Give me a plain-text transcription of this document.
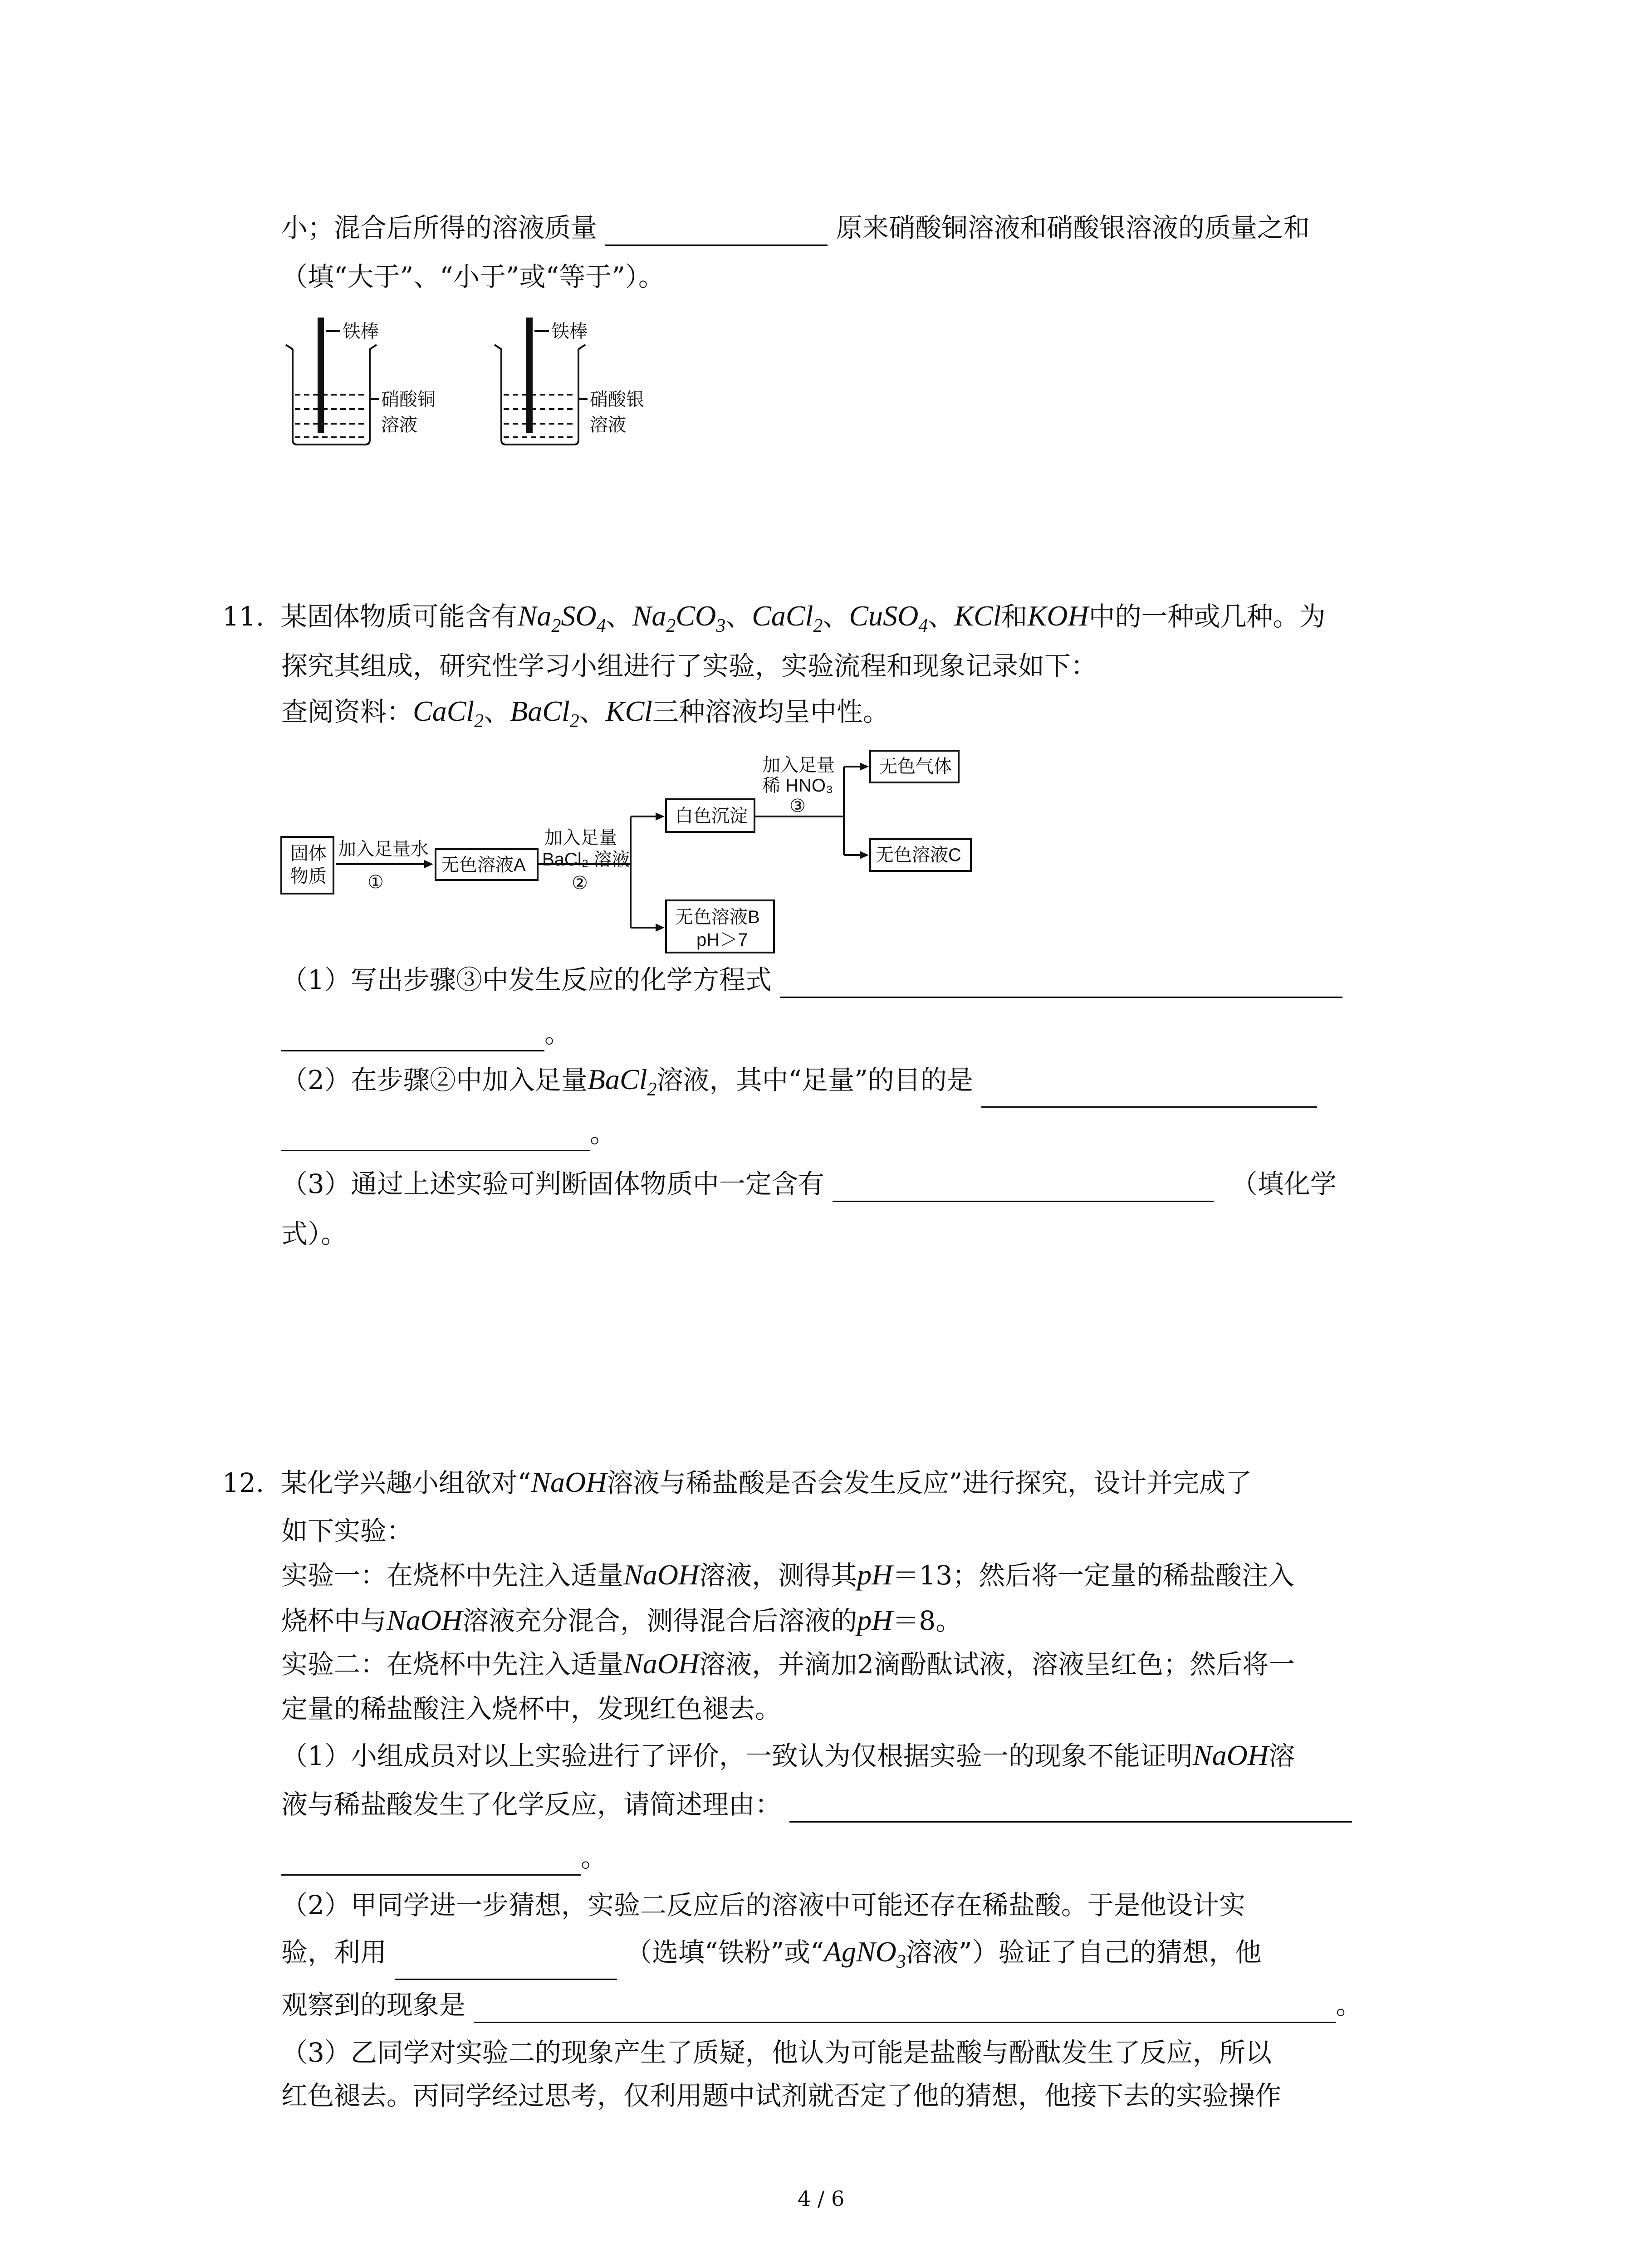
小；混合后所得的溶液质量	原来硝酸铜溶液和硝酸银溶液的质量之和
（填“大于”、“小于”或“等于”）。
铁棒
硝酸铜
溶液
铁棒
硝酸银
溶液
11. 某固体物质可能含有$Na_2SO_4$、$Na_2CO_3$、CaCl$_2$、CuSO$_4$、KCl和KOH中的一种或几种。为
探究其组成，研究性学习小组进行了实验，实验流程和现象记录如下：
查阅资料：CaCl$_2$、BaCl$_2$、KCl三种溶液均呈中性。
固体
物质
加入足量水
①
无色溶液A
加入足量
BaCl₂ 溶液
②
白色沉淀
无色溶液B
pH＞7
加入足量
稀 HNO₃
③
无色气体
无色溶液C
（1）写出步骤③中发生反应的化学方程式
。
（2）在步骤②中加入足量BaCl$_2$溶液，其中“足量”的目的是
。
（3）通过上述实验可判断固体物质中一定含有	（填化学
式）。
12. 某化学兴趣小组欲对“NaOH溶液与稀盐酸是否会发生反应”进行探究，设计并完成了
如下实验：
实验一：在烧杯中先注入适量NaOH溶液，测得其pH＝13；然后将一定量的稀盐酸注入
烧杯中与NaOH溶液充分混合，测得混合后溶液的pH＝8。
实验二：在烧杯中先注入适量NaOH溶液，并滴加2滴酚酞试液，溶液呈红色；然后将一
定量的稀盐酸注入烧杯中，发现红色褪去。
（1）小组成员对以上实验进行了评价，一致认为仅根据实验一的现象不能证明NaOH溶
液与稀盐酸发生了化学反应，请简述理由：
。
（2）甲同学进一步猜想，实验二反应后的溶液中可能还存在稀盐酸。于是他设计实
验，利用	（选填“铁粉”或“AgNO$_3$溶液”）验证了自己的猜想，他
观察到的现象是	。
（3）乙同学对实验二的现象产生了质疑，他认为可能是盐酸与酚酞发生了反应，所以
红色褪去。丙同学经过思考，仅利用题中试剂就否定了他的猜想，他接下去的实验操作
4 / 6
